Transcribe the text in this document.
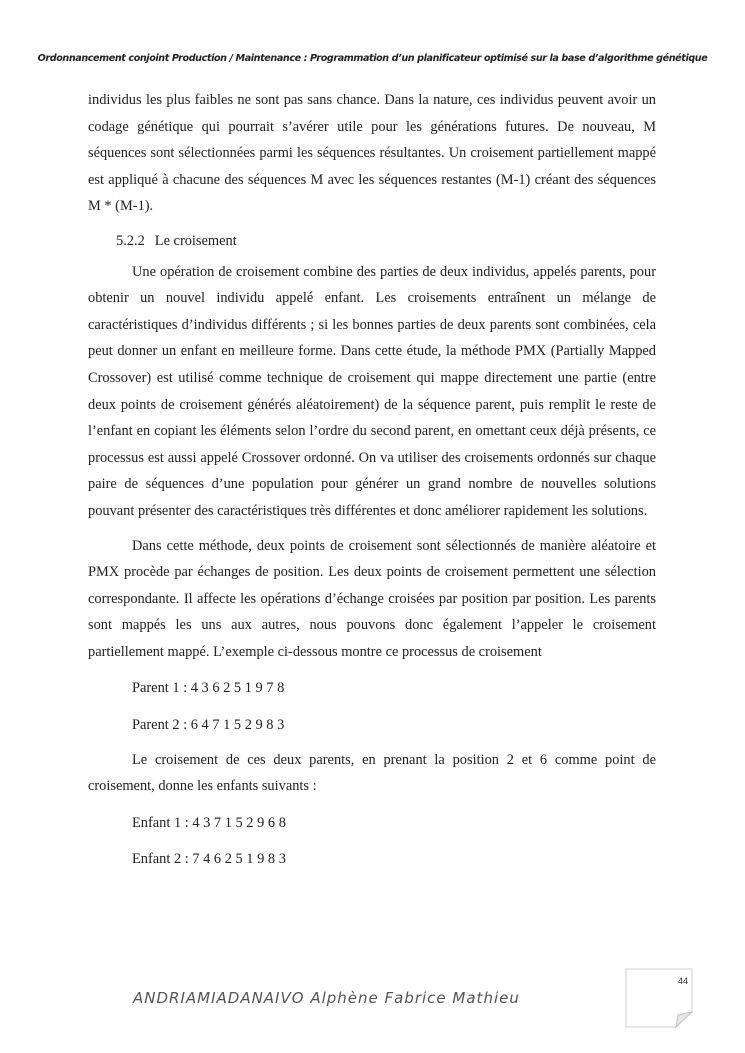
Ordonnancement conjoint Production / Maintenance : Programmation d’un planificateur optimisé sur la base d’algorithme génétique

individus les plus faibles ne sont pas sans chance. Dans la nature, ces individus peuvent avoir un codage génétique qui pourrait s’avérer utile pour les générations futures. De nouveau, M séquences sont sélectionnées parmi les séquences résultantes. Un croisement partiellement mappé est appliqué à chacune des séquences M avec les séquences restantes (M-1) créant des séquences M * (M-1).

5.2.2 Le croisement

Une opération de croisement combine des parties de deux individus, appelés parents, pour obtenir un nouvel individu appelé enfant. Les croisements entraînent un mélange de caractéristiques d’individus différents ; si les bonnes parties de deux parents sont combinées, cela peut donner un enfant en meilleure forme. Dans cette étude, la méthode PMX (Partially Mapped Crossover) est utilisé comme technique de croisement qui mappe directement une partie (entre deux points de croisement générés aléatoirement) de la séquence parent, puis remplit le reste de l’enfant en copiant les éléments selon l’ordre du second parent, en omettant ceux déjà présents, ce processus est aussi appelé Crossover ordonné. On va utiliser des croisements ordonnés sur chaque paire de séquences d’une population pour générer un grand nombre de nouvelles solutions pouvant présenter des caractéristiques très différentes et donc améliorer rapidement les solutions.

Dans cette méthode, deux points de croisement sont sélectionnés de manière aléatoire et PMX procède par échanges de position. Les deux points de croisement permettent une sélection correspondante. Il affecte les opérations d’échange croisées par position par position. Les parents sont mappés les uns aux autres, nous pouvons donc également l’appeler le croisement partiellement mappé. L’exemple ci-dessous montre ce processus de croisement

Parent 1 : 4 3 6 2 5 1 9 7 8

Parent 2 : 6 4 7 1 5 2 9 8 3

Le croisement de ces deux parents, en prenant la position 2 et 6 comme point de croisement, donne les enfants suivants :

Enfant 1 : 4 3 7 1 5 2 9 6 8

Enfant 2 : 7 4 6 2 5 1 9 8 3

ANDRIAMIADANAIVO Alphène Fabrice Mathieu
44
